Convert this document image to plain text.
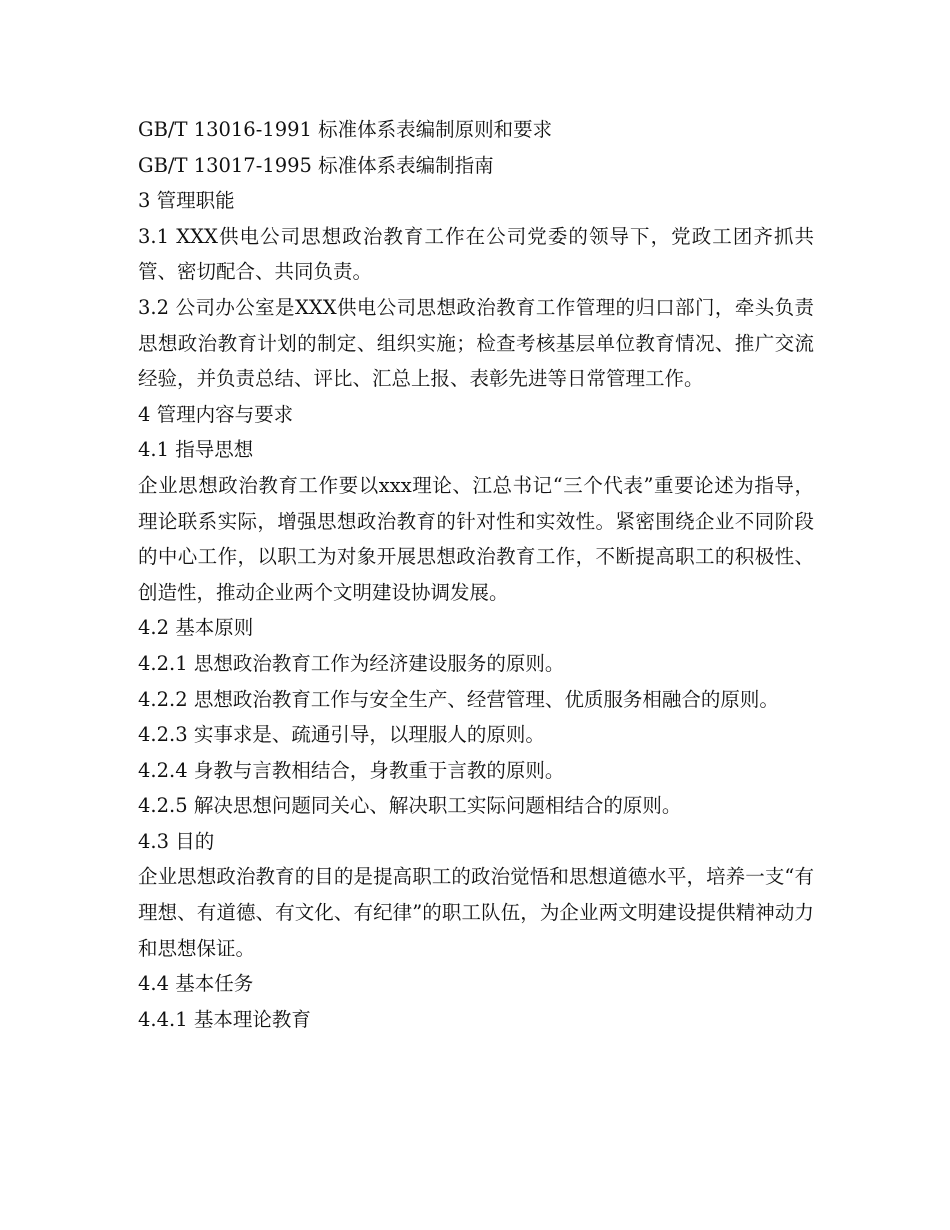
GB/T 13016-1991 标准体系表编制原则和要求

GB/T 13017-1995 标准体系表编制指南

3 管理职能

3.1 XXX供电公司思想政治教育工作在公司党委的领导下，党政工团齐抓共管、密切配合、共同负责。

3.2 公司办公室是XXX供电公司思想政治教育工作管理的归口部门，牵头负责思想政治教育计划的制定、组织实施；检查考核基层单位教育情况、推广交流经验，并负责总结、评比、汇总上报、表彰先进等日常管理工作。

4 管理内容与要求

4.1 指导思想

企业思想政治教育工作要以xxx理论、江总书记“三个代表”重要论述为指导，理论联系实际，增强思想政治教育的针对性和实效性。紧密围绕企业不同阶段的中心工作，以职工为对象开展思想政治教育工作，不断提高职工的积极性、创造性，推动企业两个文明建设协调发展。

4.2 基本原则

4.2.1 思想政治教育工作为经济建设服务的原则。

4.2.2 思想政治教育工作与安全生产、经营管理、优质服务相融合的原则。

4.2.3 实事求是、疏通引导，以理服人的原则。

4.2.4 身教与言教相结合，身教重于言教的原则。

4.2.5 解决思想问题同关心、解决职工实际问题相结合的原则。

4.3 目的

企业思想政治教育的目的是提高职工的政治觉悟和思想道德水平，培养一支“有理想、有道德、有文化、有纪律”的职工队伍，为企业两文明建设提供精神动力和思想保证。

4.4 基本任务

4.4.1 基本理论教育
